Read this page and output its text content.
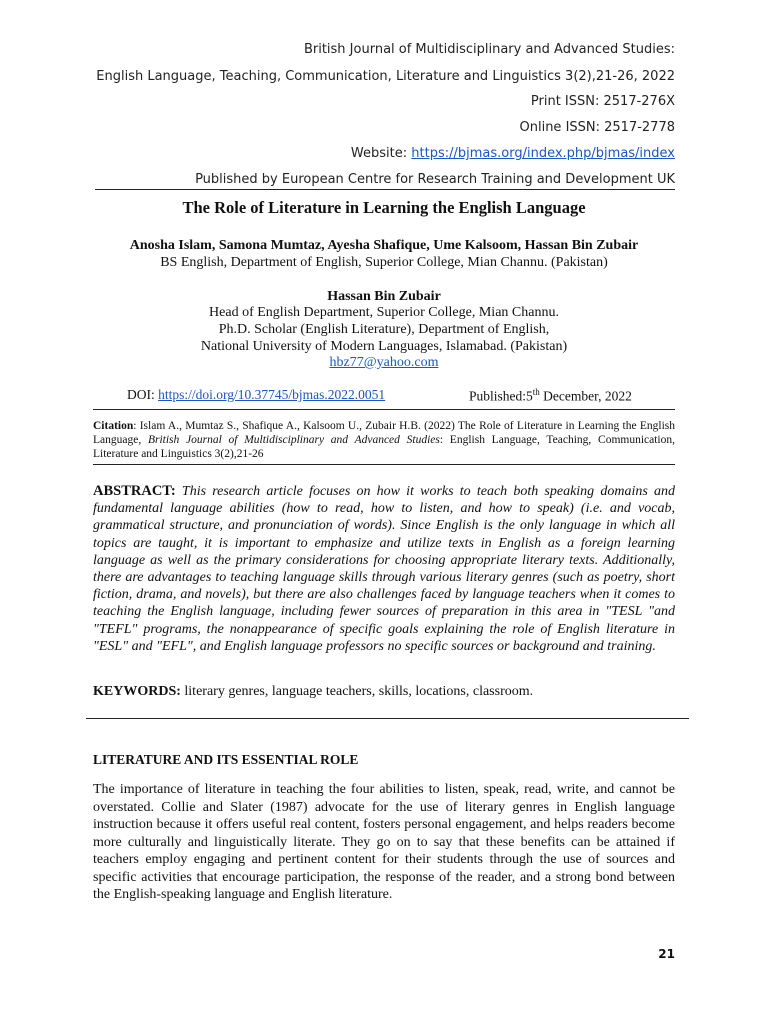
British Journal of Multidisciplinary and Advanced Studies:
English Language, Teaching, Communication, Literature and Linguistics 3(2),21-26, 2022
Print ISSN: 2517-276X
Online ISSN: 2517-2778
Website: https://bjmas.org/index.php/bjmas/index
Published by European Centre for Research Training and Development UK
The Role of Literature in Learning the English Language
Anosha Islam, Samona Mumtaz, Ayesha Shafique, Ume Kalsoom, Hassan Bin Zubair
BS English, Department of English, Superior College, Mian Channu. (Pakistan)
Hassan Bin Zubair
Head of English Department, Superior College, Mian Channu.
Ph.D. Scholar (English Literature), Department of English,
National University of Modern Languages, Islamabad. (Pakistan)
hbz77@yahoo.com
DOI: https://doi.org/10.37745/bjmas.2022.0051	Published:5th December, 2022
Citation: Islam A., Mumtaz S., Shafique A., Kalsoom U., Zubair H.B. (2022) The Role of Literature in Learning the English Language, British Journal of Multidisciplinary and Advanced Studies: English Language, Teaching, Communication, Literature and Linguistics 3(2),21-26
ABSTRACT: This research article focuses on how it works to teach both speaking domains and fundamental language abilities (how to read, how to listen, and how to speak) (i.e. and vocab, grammatical structure, and pronunciation of words). Since English is the only language in which all topics are taught, it is important to emphasize and utilize texts in English as a foreign learning language as well as the primary considerations for choosing appropriate literary texts. Additionally, there are advantages to teaching language skills through various literary genres (such as poetry, short fiction, drama, and novels), but there are also challenges faced by language teachers when it comes to teaching the English language, including fewer sources of preparation in this area in "TESL "and "TEFL" programs, the nonappearance of specific goals explaining the role of English literature in "ESL" and "EFL", and English language professors no specific sources or background and training.
KEYWORDS: literary genres, language teachers, skills, locations, classroom.
LITERATURE AND ITS ESSENTIAL ROLE
The importance of literature in teaching the four abilities to listen, speak, read, write, and cannot be overstated. Collie and Slater (1987) advocate for the use of literary genres in English language instruction because it offers useful real content, fosters personal engagement, and helps readers become more culturally and linguistically literate. They go on to say that these benefits can be attained if teachers employ engaging and pertinent content for their students through the use of sources and specific activities that encourage participation, the response of the reader, and a strong bond between the English-speaking language and English literature.
21
